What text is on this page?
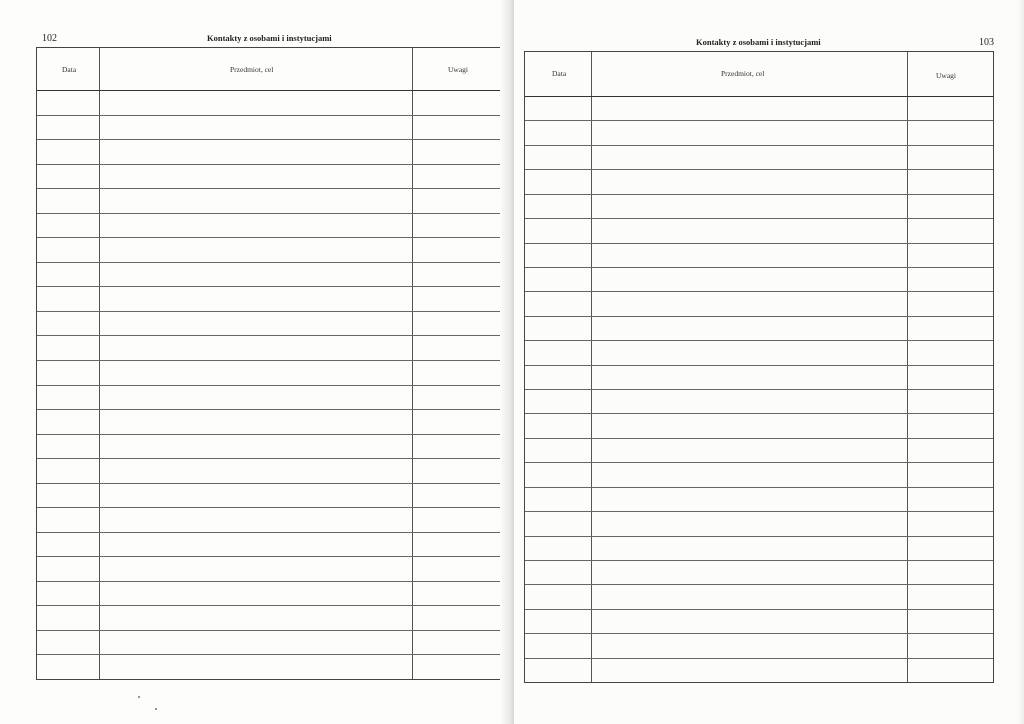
102	Kontakty z osobami i instytucjami
Data	Przedmiot, cel	Uwagi
Kontakty z osobami i instytucjami	103
Data	Przedmiot, cel	Uwagi
